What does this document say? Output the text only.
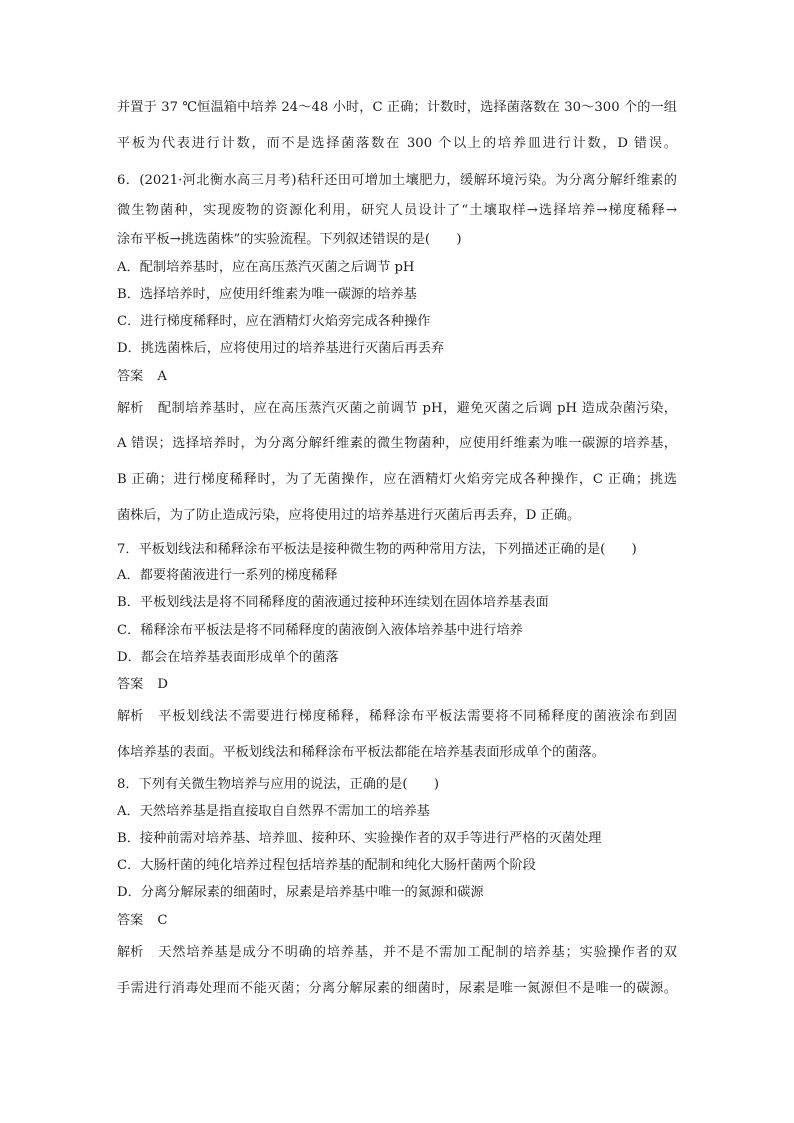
并置于 37 ℃恒温箱中培养 24～48 小时，C 正确；计数时，选择菌落数在 30～300 个的一组
平板为代表进行计数，而不是选择菌落数在 300 个以上的培养皿进行计数，D 错误。
6．(2021·河北衡水高三月考)秸秆还田可增加土壤肥力，缓解环境污染。为分离分解纤维素的
微生物菌种，实现废物的资源化利用，研究人员设计了“土壤取样→选择培养→梯度稀释→
涂布平板→挑选菌株”的实验流程。下列叙述错误的是(　　)
A．配制培养基时，应在高压蒸汽灭菌之后调节 pH
B．选择培养时，应使用纤维素为唯一碳源的培养基
C．进行梯度稀释时，应在酒精灯火焰旁完成各种操作
D．挑选菌株后，应将使用过的培养基进行灭菌后再丢弃
答案 A
解析 配制培养基时，应在高压蒸汽灭菌之前调节 pH，避免灭菌之后调 pH 造成杂菌污染，
A 错误；选择培养时，为分离分解纤维素的微生物菌种，应使用纤维素为唯一碳源的培养基，
B 正确；进行梯度稀释时，为了无菌操作，应在酒精灯火焰旁完成各种操作，C 正确；挑选
菌株后，为了防止造成污染，应将使用过的培养基进行灭菌后再丢弃，D 正确。
7．平板划线法和稀释涂布平板法是接种微生物的两种常用方法，下列描述正确的是(　　)
A．都要将菌液进行一系列的梯度稀释
B．平板划线法是将不同稀释度的菌液通过接种环连续划在固体培养基表面
C．稀释涂布平板法是将不同稀释度的菌液倒入液体培养基中进行培养
D．都会在培养基表面形成单个的菌落
答案 D
解析 平板划线法不需要进行梯度稀释，稀释涂布平板法需要将不同稀释度的菌液涂布到固
体培养基的表面。平板划线法和稀释涂布平板法都能在培养基表面形成单个的菌落。
8．下列有关微生物培养与应用的说法，正确的是(　　)
A．天然培养基是指直接取自自然界不需加工的培养基
B．接种前需对培养基、培养皿、接种环、实验操作者的双手等进行严格的灭菌处理
C．大肠杆菌的纯化培养过程包括培养基的配制和纯化大肠杆菌两个阶段
D．分离分解尿素的细菌时，尿素是培养基中唯一的氮源和碳源
答案 C
解析 天然培养基是成分不明确的培养基，并不是不需加工配制的培养基；实验操作者的双
手需进行消毒处理而不能灭菌；分离分解尿素的细菌时，尿素是唯一氮源但不是唯一的碳源。
